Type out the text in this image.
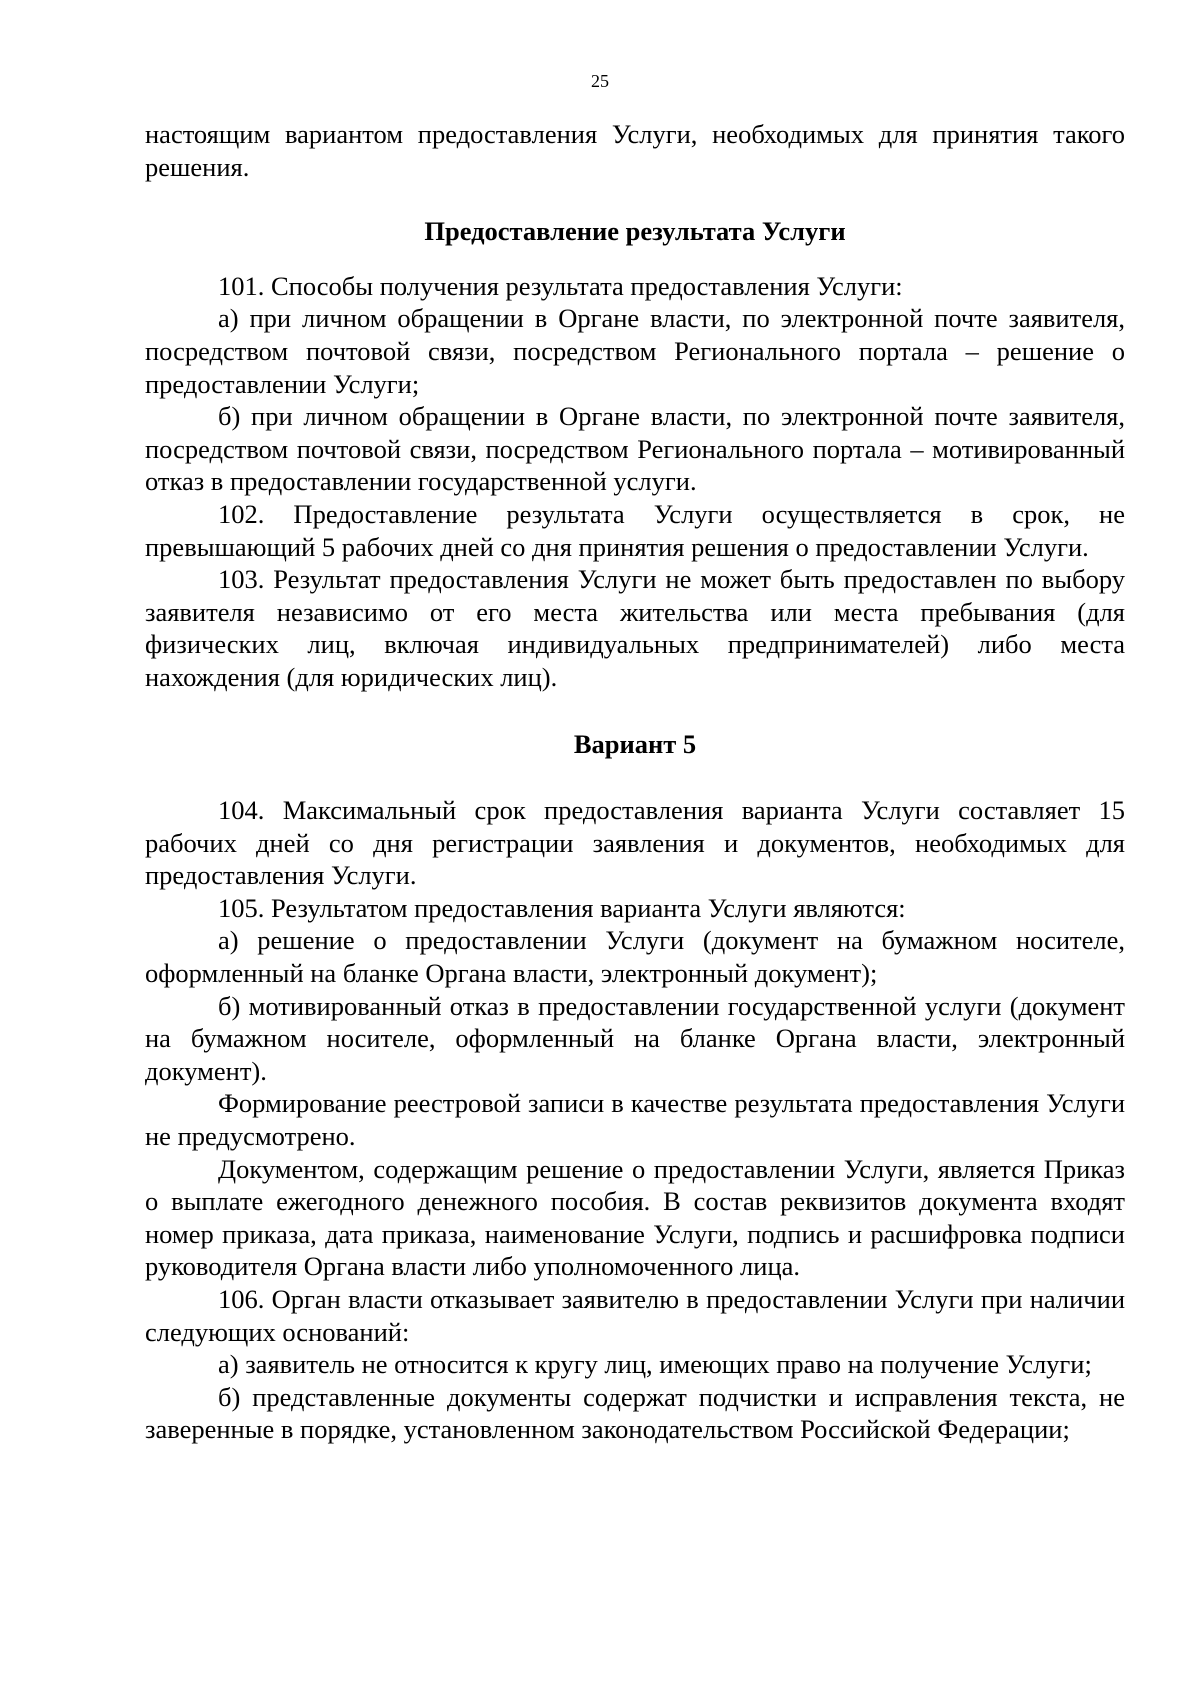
25

настоящим вариантом предоставления Услуги, необходимых для принятия такого решения.

Предоставление результата Услуги

101. Способы получения результата предоставления Услуги:

а) при личном обращении в Органе власти, по электронной почте заявителя, посредством почтовой связи, посредством Регионального портала – решение о предоставлении Услуги;

б) при личном обращении в Органе власти, по электронной почте заявителя, посредством почтовой связи, посредством Регионального портала – мотивированный отказ в предоставлении государственной услуги.

102. Предоставление результата Услуги осуществляется в срок, не превышающий 5 рабочих дней со дня принятия решения о предоставлении Услуги.

103. Результат предоставления Услуги не может быть предоставлен по выбору заявителя независимо от его места жительства или места пребывания (для физических лиц, включая индивидуальных предпринимателей) либо места нахождения (для юридических лиц).

Вариант 5

104. Максимальный срок предоставления варианта Услуги составляет 15 рабочих дней со дня регистрации заявления и документов, необходимых для предоставления Услуги.

105. Результатом предоставления варианта Услуги являются:

а) решение о предоставлении Услуги (документ на бумажном носителе, оформленный на бланке Органа власти, электронный документ);

б) мотивированный отказ в предоставлении государственной услуги (документ на бумажном носителе, оформленный на бланке Органа власти, электронный документ).

Формирование реестровой записи в качестве результата предоставления Услуги не предусмотрено.

Документом, содержащим решение о предоставлении Услуги, является Приказ о выплате ежегодного денежного пособия. В состав реквизитов документа входят номер приказа, дата приказа, наименование Услуги, подпись и расшифровка подписи руководителя Органа власти либо уполномоченного лица.

106. Орган власти отказывает заявителю в предоставлении Услуги при наличии следующих оснований:

а) заявитель не относится к кругу лиц, имеющих право на получение Услуги;

б) представленные документы содержат подчистки и исправления текста, не заверенные в порядке, установленном законодательством Российской Федерации;
